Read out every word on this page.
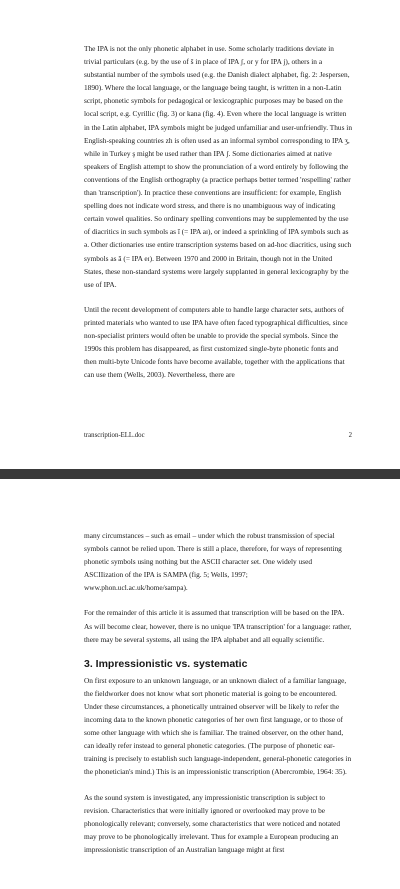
The IPA is not the only phonetic alphabet in use. Some scholarly traditions deviate in trivial particulars (e.g. by the use of š in place of IPA ʃ, or y for IPA j), others in a substantial number of the symbols used (e.g. the Danish dialect alphabet, fig. 2: Jespersen, 1890). Where the local language, or the language being taught, is written in a non-Latin script, phonetic symbols for pedagogical or lexicographic purposes may be based on the local script, e.g. Cyrillic (fig. 3) or kana (fig. 4). Even where the local language is written in the Latin alphabet, IPA symbols might be judged unfamiliar and user-unfriendly. Thus in English-speaking countries zh is often used as an informal symbol corresponding to IPA ʒ, while in Turkey ş might be used rather than IPA ʃ. Some dictionaries aimed at native speakers of English attempt to show the pronunciation of a word entirely by following the conventions of the English orthography (a practice perhaps better termed 'respelling' rather than 'transcription'). In practice these conventions are insufficient: for example, English spelling does not indicate word stress, and there is no unambiguous way of indicating certain vowel qualities. So ordinary spelling conventions may be supplemented by the use of diacritics in such symbols as ī (= IPA aɪ), or indeed a sprinkling of IPA symbols such as ə. Other dictionaries use entire transcription systems based on ad-hoc diacritics, using such symbols as ā (= IPA eɪ). Between 1970 and 2000 in Britain, though not in the United States, these non-standard systems were largely supplanted in general lexicography by the use of IPA.

Until the recent development of computers able to handle large character sets, authors of printed materials who wanted to use IPA have often faced typographical difficulties, since non-specialist printers would often be unable to provide the special symbols. Since the 1990s this problem has disappeared, as first customized single-byte phonetic fonts and then multi-byte Unicode fonts have become available, together with the applications that can use them (Wells, 2003). Nevertheless, there are

transcription-ELL.doc	2

many circumstances – such as email – under which the robust transmission of special symbols cannot be relied upon. There is still a place, therefore, for ways of representing phonetic symbols using nothing but the ASCII character set. One widely used ASCIIization of the IPA is SAMPA (fig. 5; Wells, 1997; www.phon.ucl.ac.uk/home/sampa).

For the remainder of this article it is assumed that transcription will be based on the IPA. As will become clear, however, there is no unique 'IPA transcription' for a language: rather, there may be several systems, all using the IPA alphabet and all equally scientific.

3. Impressionistic vs. systematic

On first exposure to an unknown language, or an unknown dialect of a familiar language, the fieldworker does not know what sort phonetic material is going to be encountered. Under these circumstances, a phonetically untrained observer will be likely to refer the incoming data to the known phonetic categories of her own first language, or to those of some other language with which she is familiar. The trained observer, on the other hand, can ideally refer instead to general phonetic categories. (The purpose of phonetic ear-training is precisely to establish such language-independent, general-phonetic categories in the phonetician's mind.) This is an impressionistic transcription (Abercrombie, 1964: 35).

As the sound system is investigated, any impressionistic transcription is subject to revision. Characteristics that were initially ignored or overlooked may prove to be phonologically relevant; conversely, some characteristics that were noticed and notated may prove to be phonologically irrelevant. Thus for example a European producing an impressionistic transcription of an Australian language might at first
